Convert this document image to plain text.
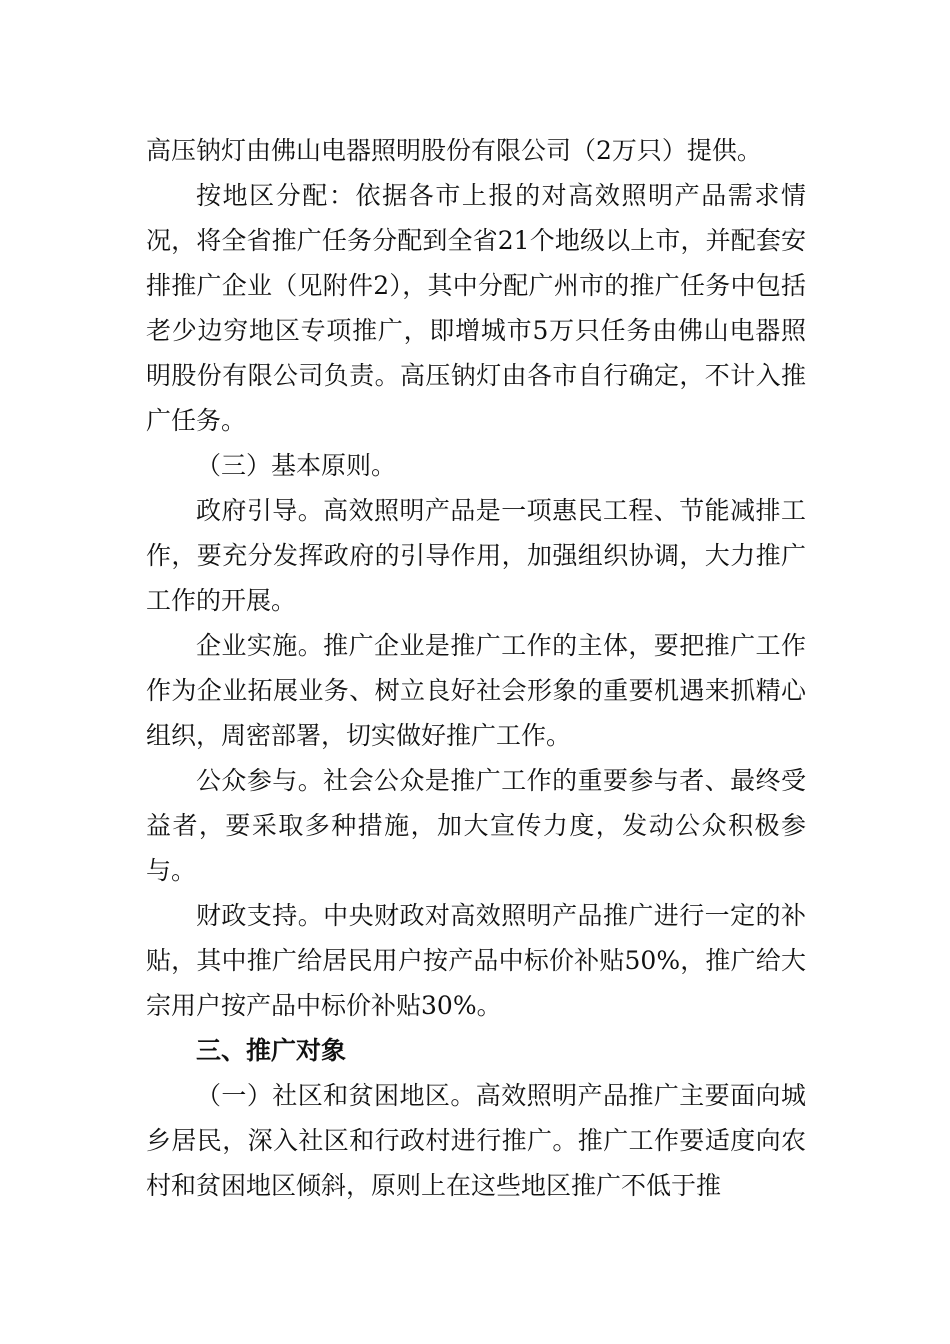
高压钠灯由佛山电器照明股份有限公司（2万只）提供。

按地区分配：依据各市上报的对高效照明产品需求情况，将全省推广任务分配到全省21个地级以上市，并配套安排推广企业（见附件2），其中分配广州市的推广任务中包括老少边穷地区专项推广，即增城市5万只任务由佛山电器照明股份有限公司负责。高压钠灯由各市自行确定，不计入推广任务。

（三）基本原则。

政府引导。高效照明产品是一项惠民工程、节能减排工作，要充分发挥政府的引导作用，加强组织协调，大力推广工作的开展。

企业实施。推广企业是推广工作的主体，要把推广工作作为企业拓展业务、树立良好社会形象的重要机遇来抓精心组织，周密部署，切实做好推广工作。

公众参与。社会公众是推广工作的重要参与者、最终受益者，要采取多种措施，加大宣传力度，发动公众积极参与。

财政支持。中央财政对高效照明产品推广进行一定的补贴，其中推广给居民用户按产品中标价补贴50%，推广给大宗用户按产品中标价补贴30%。

三、推广对象

（一）社区和贫困地区。高效照明产品推广主要面向城乡居民，深入社区和行政村进行推广。推广工作要适度向农村和贫困地区倾斜，原则上在这些地区推广不低于推
